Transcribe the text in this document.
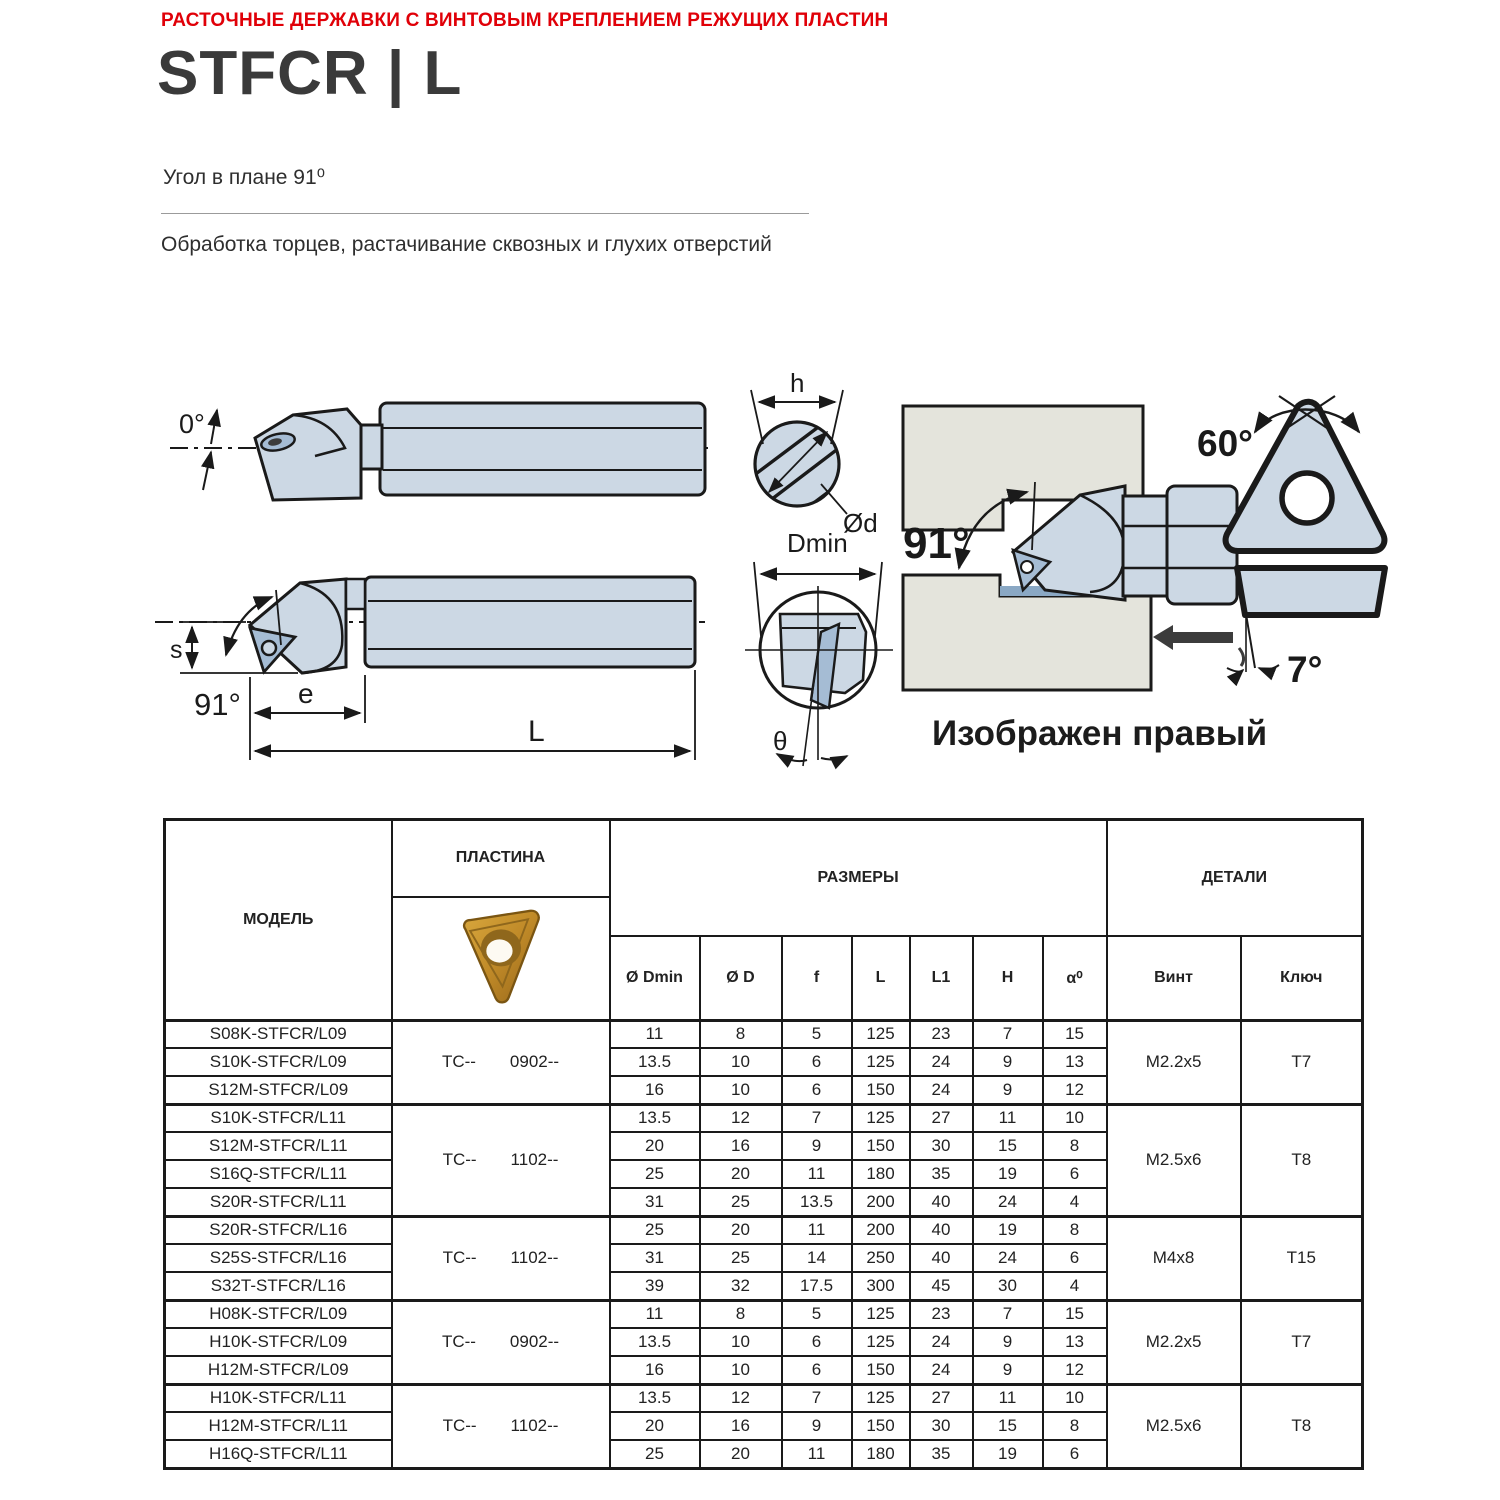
РАСТОЧНЫЕ ДЕРЖАВКИ С ВИНТОВЫМ КРЕПЛЕНИЕМ РЕЖУЩИХ ПЛАСТИН
STFCR | L
Угол в плане 91⁰
Обработка торцев, растачивание сквозных и глухих отверстий
0°
s
91° e
L
Ød
h
Dmin
θ
91°
Изображен правый
60°
7°
МОДЕЛЬ	ПЛАСТИНА	РАЗМЕРЫ							ДЕТАЛИ	

		Ø Dmin	Ø D	f	L	L1	H	α⁰	Винт	Ключ
S08K-STFCR/L09	TC-- 0902--	11	8	5	125	23	7	15	M2.2x5	T7
S10K-STFCR/L09		13.5	10	6	125	24	9	13		
S12M-STFCR/L09		16	10	6	150	24	9	12		
S10K-STFCR/L11	TC-- 1102--	13.5	12	7	125	27	11	10	M2.5x6	T8
S12M-STFCR/L11		20	16	9	150	30	15	8		
S16Q-STFCR/L11		25	20	11	180	35	19	6		
S20R-STFCR/L11		31	25	13.5	200	40	24	4		
S20R-STFCR/L16	TC-- 1102--	25	20	11	200	40	19	8	M4x8	T15
S25S-STFCR/L16		31	25	14	250	40	24	6		
S32T-STFCR/L16		39	32	17.5	300	45	30	4		
H08K-STFCR/L09	TC-- 0902--	11	8	5	125	23	7	15	M2.2x5	T7
H10K-STFCR/L09		13.5	10	6	125	24	9	13		
H12M-STFCR/L09		16	10	6	150	24	9	12		
H10K-STFCR/L11	TC-- 1102--	13.5	12	7	125	27	11	10	M2.5x6	T8
H12M-STFCR/L11		20	16	9	150	30	15	8		
H16Q-STFCR/L11		25	20	11	180	35	19	6		
